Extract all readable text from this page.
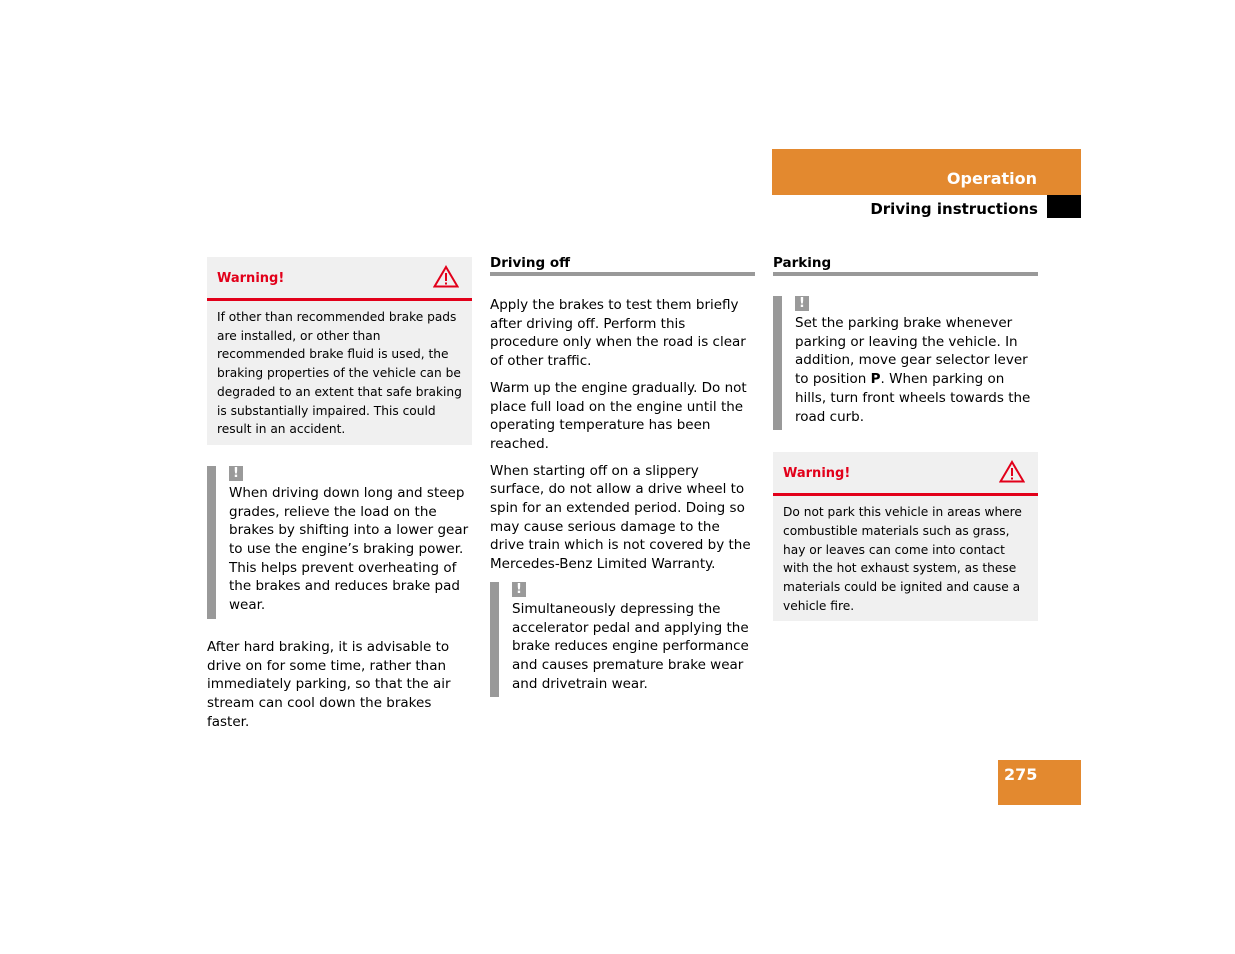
Operation
Driving instructions
Warning!
If other than recommended brake pads are installed, or other than recommended brake fluid is used, the braking properties of the vehicle can be degraded to an extent that safe braking is substantially impaired. This could result in an accident.
!

When driving down long and steep grades, relieve the load on the brakes by shifting into a lower gear to use the engine’s braking power. This helps prevent overheating of the brakes and reduces brake pad wear.

After hard braking, it is advisable to drive on for some time, rather than immediately parking, so that the air stream can cool down the brakes faster.

Driving off

Apply the brakes to test them briefly after driving off. Perform this procedure only when the road is clear of other traffic.

Warm up the engine gradually. Do not place full load on the engine until the operating temperature has been reached.

When starting off on a slippery surface, do not allow a drive wheel to spin for an extended period. Doing so may cause serious damage to the drive train which is not covered by the Mercedes-Benz Limited Warranty.

!

Simultaneously depressing the accelerator pedal and applying the brake reduces engine performance and causes premature brake wear and drivetrain wear.

Parking
!

Set the parking brake whenever parking or leaving the vehicle. In addition, move gear selector lever to position P. When parking on hills, turn front wheels towards the road curb.

Warning!
Do not park this vehicle in areas where combustible materials such as grass, hay or leaves can come into contact with the hot exhaust system, as these materials could be ignited and cause a vehicle fire.
275
